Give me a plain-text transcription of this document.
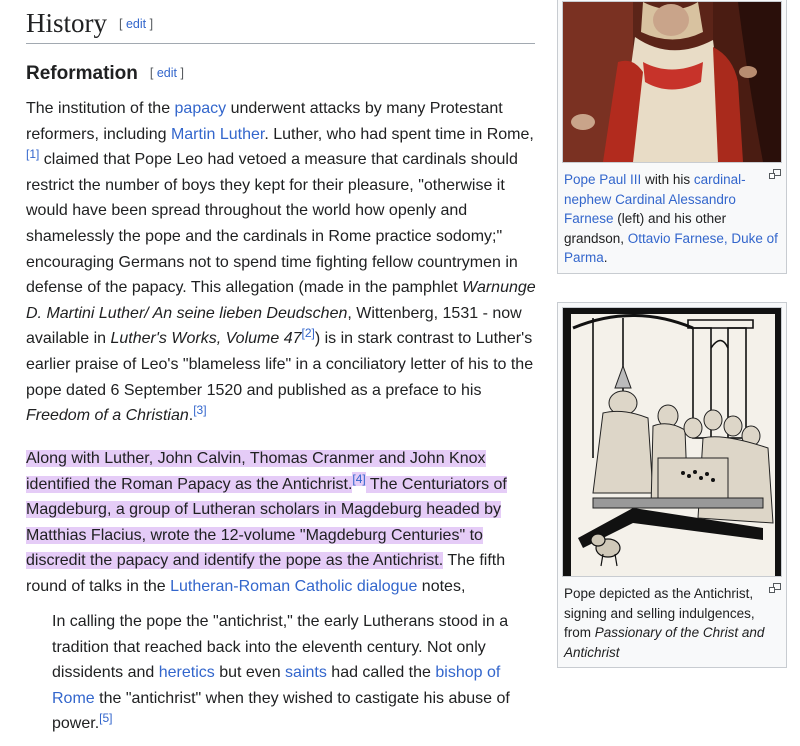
History [ edit ]
Reformation [ edit ]

The institution of the papacy underwent attacks by many Protestant reformers, including Martin Luther. Luther, who had spent time in Rome,[1] claimed that Pope Leo had vetoed a measure that cardinals should restrict the number of boys they kept for their pleasure, "otherwise it would have been spread throughout the world how openly and shamelessly the pope and the cardinals in Rome practice sodomy;" encouraging Germans not to spend time fighting fellow countrymen in defense of the papacy. This allegation (made in the pamphlet Warnunge D. Martini Luther/ An seine lieben Deudschen, Wittenberg, 1531 - now available in Luther's Works, Volume 47[2]) is in stark contrast to Luther's earlier praise of Leo's "blameless life" in a conciliatory letter of his to the pope dated 6 September 1520 and published as a preface to his Freedom of a Christian.[3]

Along with Luther, John Calvin, Thomas Cranmer and John Knox identified the Roman Papacy as the Antichrist.[4] The Centuriators of Magdeburg, a group of Lutheran scholars in Magdeburg headed by Matthias Flacius, wrote the 12-volume "Magdeburg Centuries" to discredit the papacy and identify the pope as the Antichrist. The fifth round of talks in the Lutheran-Roman Catholic dialogue notes,

In calling the pope the "antichrist," the early Lutherans stood in a tradition that reached back into the eleventh century. Not only dissidents and heretics but even saints had called the bishop of Rome the "antichrist" when they wished to castigate his abuse of power.[5]

Pope Paul III with his cardinal-nephew Cardinal Alessandro Farnese (left) and his other grandson, Ottavio Farnese, Duke of Parma.
Pope depicted as the Antichrist, signing and selling indulgences, from Passionary of the Christ and Antichrist
